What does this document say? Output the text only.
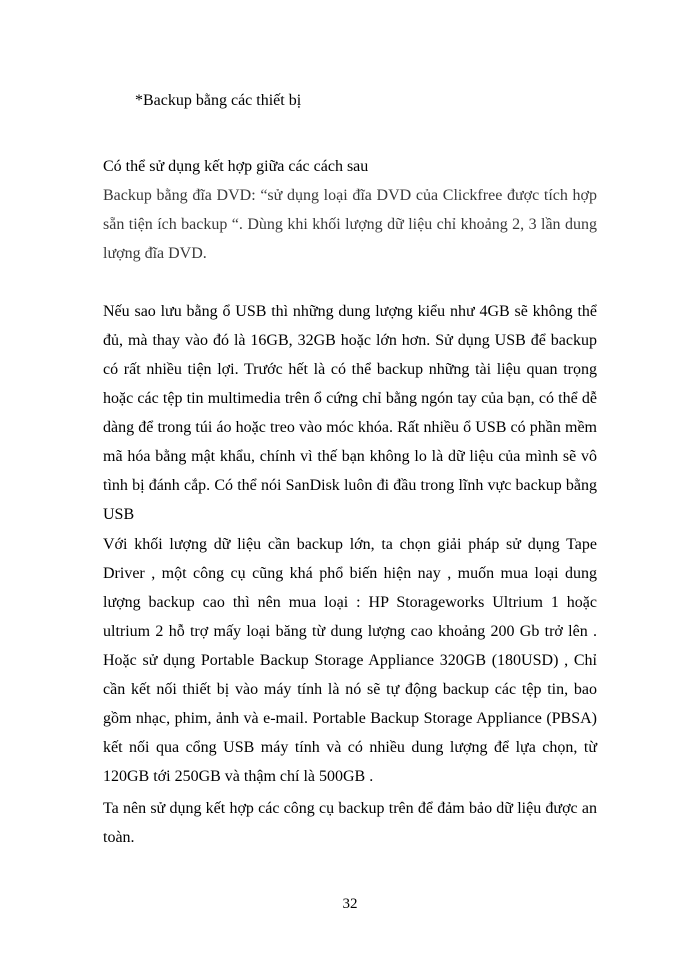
*Backup bằng các thiết bị

Có thể sử dụng kết hợp giữa các cách sau

Backup bằng đĩa DVD: “sử dụng loại đĩa DVD của Clickfree được tích hợp sẵn tiện ích backup “. Dùng khi khối lượng dữ liệu chỉ khoảng 2, 3 lần dung lượng đĩa DVD.

Nếu sao lưu bằng ổ USB thì những dung lượng kiểu như 4GB sẽ không thể đủ, mà thay vào đó là 16GB, 32GB hoặc lớn hơn. Sử dụng USB để backup có rất nhiều tiện lợi. Trước hết là có thể backup những tài liệu quan trọng hoặc các tệp tin multimedia trên ổ cứng chỉ bằng ngón tay của bạn, có thể dễ dàng để trong túi áo hoặc treo vào móc khóa. Rất nhiều ổ USB có phần mềm mã hóa bằng mật khẩu, chính vì thế bạn không lo là dữ liệu của mình sẽ vô tình bị đánh cắp. Có thể nói SanDisk luôn đi đầu trong lĩnh vực backup bằng USB

Với khối lượng dữ liệu cần backup lớn, ta chọn giải pháp sử dụng Tape Driver , một công cụ cũng khá phổ biến hiện nay , muốn mua loại dung lượng backup cao thì nên mua loại : HP Storageworks Ultrium 1 hoặc ultrium 2 hỗ trợ mấy loại băng từ dung lượng cao khoảng 200 Gb trở lên . Hoặc sử dụng Portable Backup Storage Appliance 320GB (180USD) , Chỉ cần kết nối thiết bị vào máy tính là nó sẽ tự động backup các tệp tin, bao gồm nhạc, phim, ảnh và e-mail. Portable Backup Storage Appliance (PBSA) kết nối qua cổng USB máy tính và có nhiều dung lượng để lựa chọn, từ 120GB tới 250GB và thậm chí là 500GB .

Ta nên sử dụng kết hợp các công cụ backup trên để đảm bảo dữ liệu được an toàn.

32
